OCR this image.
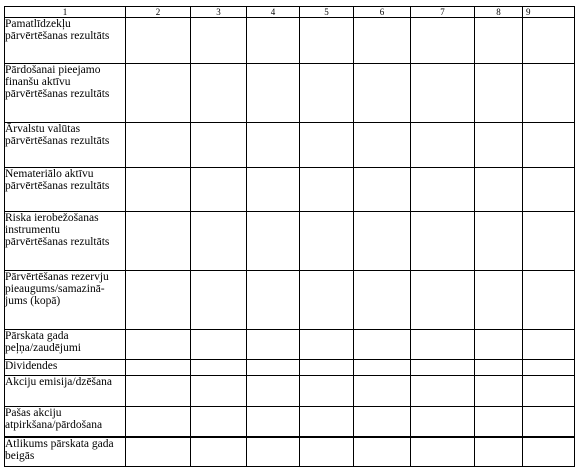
1	2	3	4	5	6	7	8	9
Pamatlīdzekļu pārvērtēšanas rezultāts								
Pārdošanai pieejamo finanšu aktīvu pārvērtēšanas rezultāts								
Ārvalstu valūtas pārvērtēšanas rezultāts								
Nemateriālo aktīvu pārvērtēšanas rezultāts								
Riska ierobežošanas instrumentu pārvērtēšanas rezultāts								
Pārvērtēšanas rezervju pieaugums/samazinā-jums (kopā)								
Pārskata gada peļņa/zaudējumi								
Dividendes								
Akciju emisija/dzēšana								
Pašas akciju atpirkšana/pārdošana								
Atlikums pārskata gada beigās								
